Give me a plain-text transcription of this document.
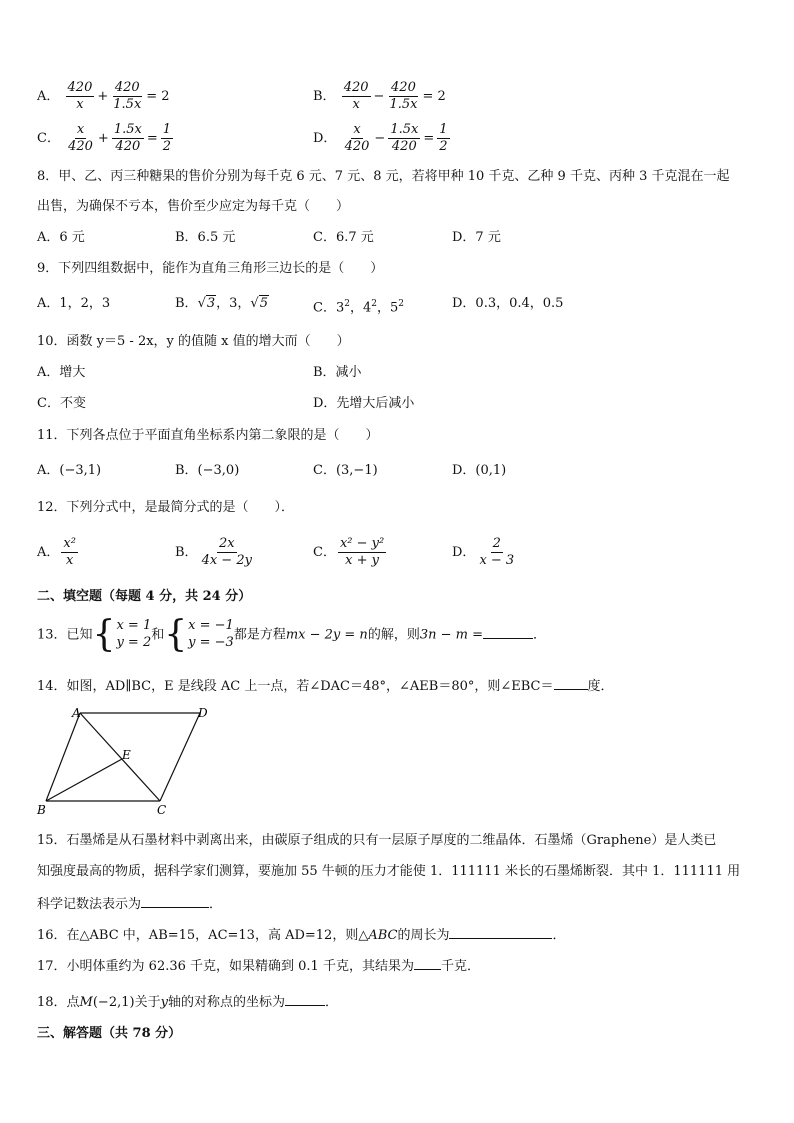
A． $\frac{420}{x} + \frac{420}{1.5x} = 2$	B． $\frac{420}{x} - \frac{420}{1.5x} = 2$
C． $\frac{x}{420} + \frac{1.5x}{420} = \frac{1}{2}$	D． $\frac{x}{420} - \frac{1.5x}{420} = \frac{1}{2}$
8．甲、乙、丙三种糖果的售价分别为每千克 6 元、7 元、8 元，若将甲种 10 千克、乙种 9 千克、丙种 3 千克混在一起
出售，为确保不亏本，售价至少应定为每千克（　　）
A．6 元	B．6.5 元	C．6.7 元	D．7 元
9．下列四组数据中，能作为直角三角形三边长的是（　　）
A．1，2，3	B．√3，3，√5	C．$3^2$，$4^2$，$5^2$	D．0.3，0.4，0.5
10．函数 y＝5 - 2x，y 的值随 x 值的增大而（　　）
A．增大	B．减小
C．不变	D．先增大后减小
11．下列各点位于平面直角坐标系内第二象限的是（　　）
A．(−3,1)	B．(−3,0)	C．(3,−1)	D．(0,1)
12．下列分式中，是最简分式的是（　　）．
A． $\frac{\text{x²}}{x}$	B． $\frac{2x}{4x - 2y}$	C． $\frac{\text{x² − y²}}{x + y}$	D． $\frac{2}{x - 3}$
二、填空题（每题 4 分，共 24 分）
13．已知 { x = 1
y = 2 和 { x = −1
y = −3 都是方程mx − 2y = n的解，则3n − m =	．
14．如图，AD∥BC，E 是线段 AC 上一点，若∠DAC＝48°，∠AEB＝80°，则∠EBC＝	度．
A	D
E
B	C
15．石墨烯是从石墨材料中剥离出来，由碳原子组成的只有一层原子厚度的二维晶体．石墨烯（Graphene）是人类已
知强度最高的物质，据科学家们测算，要施加 55 牛顿的压力才能使 1．111111 米长的石墨烯断裂．其中 1．111111 用
科学记数法表示为	．
16．在△ABC 中，AB=15，AC=13，高 AD=12，则△ABC的周长为	．
17．小明体重约为 62.36 千克，如果精确到 0.1 千克，其结果为 千克．
18．点M(−2,1)关于y轴的对称点的坐标为	．
三、解答题（共 78 分）
